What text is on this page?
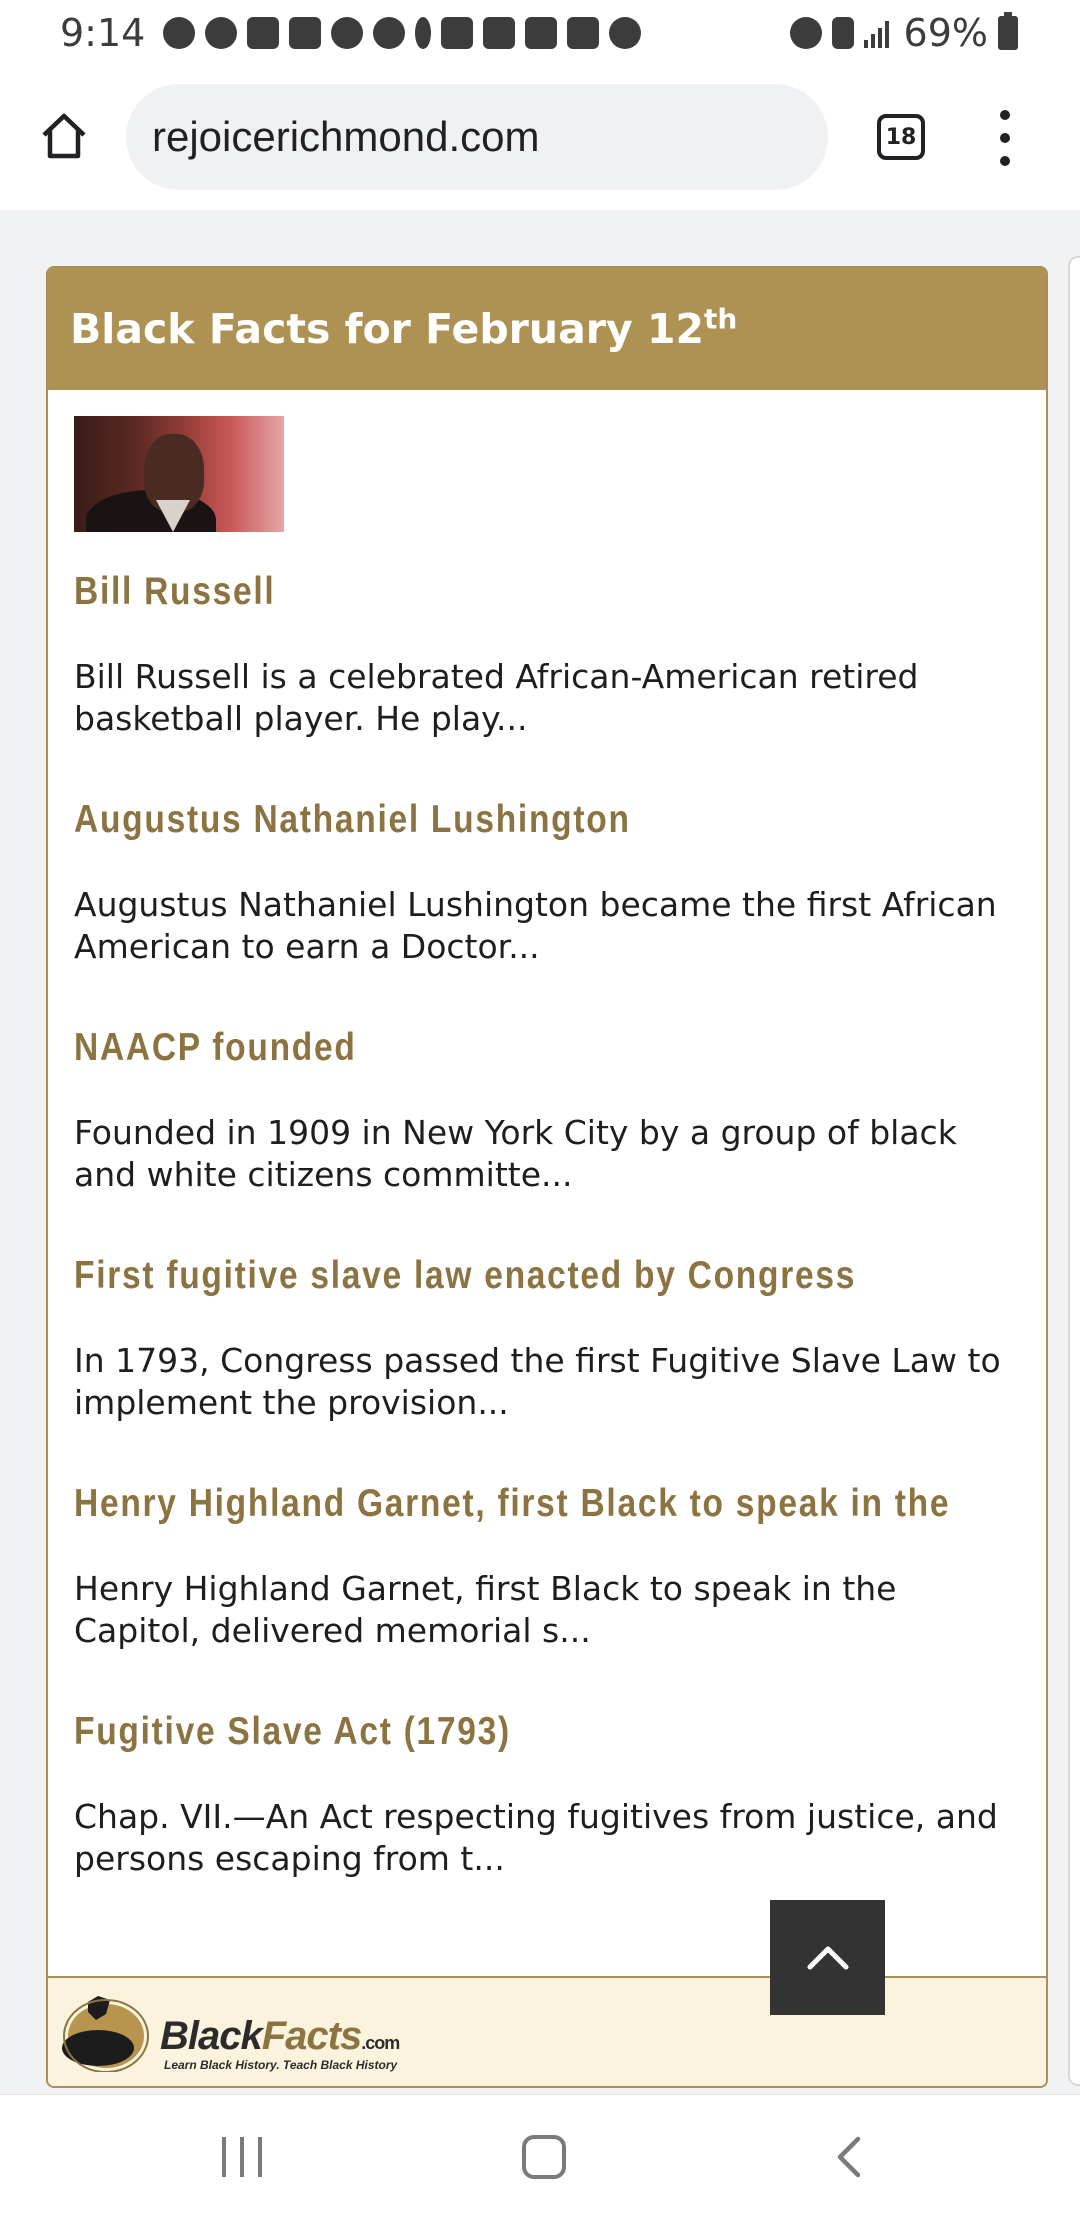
9:14	69%
rejoicerichmond.com	18
Black Facts for February 12th
Bill Russell
Bill Russell is a celebrated African-American retired basketball player. He play...
Augustus Nathaniel Lushington
Augustus Nathaniel Lushington became the first African American to earn a Doctor...
NAACP founded
Founded in 1909 in New York City by a group of black and white citizens committe...
First fugitive slave law enacted by Congress
In 1793, Congress passed the first Fugitive Slave Law to implement the provision...
Henry Highland Garnet, first Black to speak in the
Henry Highland Garnet, first Black to speak in the Capitol, delivered memorial s...
Fugitive Slave Act (1793)
Chap. VII.—An Act respecting fugitives from justice, and persons escaping from t...
BlackFacts.com
Learn Black History. Teach Black History
